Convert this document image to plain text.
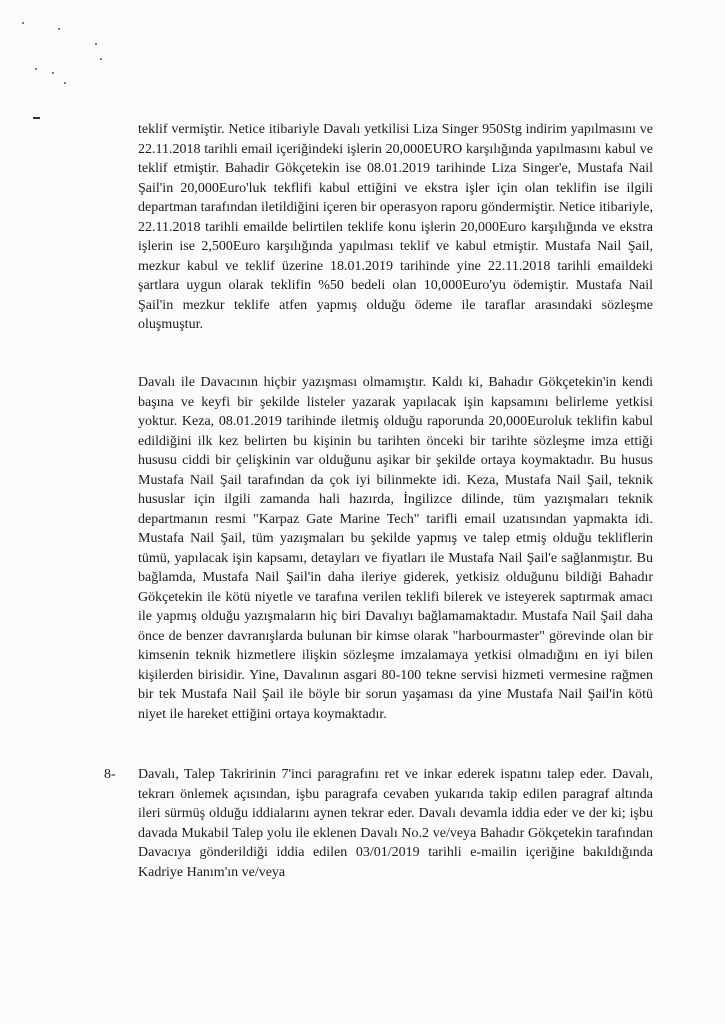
teklif vermiştir. Netice itibariyle Davalı yetkilisi Liza Singer 950Stg indirim yapılmasını ve 22.11.2018 tarihli email içeriğindeki işlerin 20,000EURO karşılığında yapılmasını kabul ve teklif etmiştir. Bahadir Gökçetekin ise 08.01.2019 tarihinde Liza Singer'e, Mustafa Nail Şail'in 20,000Euro'luk tekflifi kabul ettiğini ve ekstra işler için olan teklifin ise ilgili departman tarafından iletildiğini içeren bir operasyon raporu göndermiştir. Netice itibariyle, 22.11.2018 tarihli emailde belirtilen teklife konu işlerin 20,000Euro karşılığında ve ekstra işlerin ise 2,500Euro karşılığında yapılması teklif ve kabul etmiştir. Mustafa Nail Şail, mezkur kabul ve teklif üzerine 18.01.2019 tarihinde yine 22.11.2018 tarihli emaildeki şartlara uygun olarak teklifin %50 bedeli olan 10,000Euro'yu ödemiştir. Mustafa Nail Şail'in mezkur teklife atfen yapmış olduğu ödeme ile taraflar arasındaki sözleşme oluşmuştur.

Davalı ile Davacının hiçbir yazışması olmamıştır. Kaldı ki, Bahadır Gökçetekin'in kendi başına ve keyfi bir şekilde listeler yazarak yapılacak işin kapsamını belirleme yetkisi yoktur. Keza, 08.01.2019 tarihinde iletmiş olduğu raporunda 20,000Euroluk teklifin kabul edildiğini ilk kez belirten bu kişinin bu tarihten önceki bir tarihte sözleşme imza ettiği hususu ciddi bir çelişkinin var olduğunu aşikar bir şekilde ortaya koymaktadır. Bu husus Mustafa Nail Şail tarafından da çok iyi bilinmekte idi. Keza, Mustafa Nail Şail, teknik hususlar için ilgili zamanda hali hazırda, İngilizce dilinde, tüm yazışmaları teknik departmanın resmi "Karpaz Gate Marine Tech" tarifli email uzatısından yapmakta idi. Mustafa Nail Şail, tüm yazışmaları bu şekilde yapmış ve talep etmiş olduğu tekliflerin tümü, yapılacak işin kapsamı, detayları ve fiyatları ile Mustafa Nail Şail'e sağlanmıştır. Bu bağlamda, Mustafa Nail Şail'in daha ileriye giderek, yetkisiz olduğunu bildiği Bahadır Gökçetekin ile kötü niyetle ve tarafına verilen teklifi bilerek ve isteyerek saptırmak amacı ile yapmış olduğu yazışmaların hiç biri Davalıyı bağlamamaktadır. Mustafa Nail Şail daha önce de benzer davranışlarda bulunan bir kimse olarak "harbourmaster" görevinde olan bir kimsenin teknik hizmetlere ilişkin sözleşme imzalamaya yetkisi olmadığını en iyi bilen kişilerden birisidir. Yine, Davalının asgari 80-100 tekne servisi hizmeti vermesine rağmen bir tek Mustafa Nail Şail ile böyle bir sorun yaşaması da yine Mustafa Nail Şail'in kötü niyet ile hareket ettiğini ortaya koymaktadır.

8- Davalı, Talep Takririnin 7'inci paragrafını ret ve inkar ederek ispatını talep eder. Davalı, tekrarı önlemek açısından, işbu paragrafa cevaben yukarıda takip edilen paragraf altında ileri sürmüş olduğu iddialarını aynen tekrar eder. Davalı devamla iddia eder ve der ki; işbu davada Mukabil Talep yolu ile eklenen Davalı No.2 ve/veya Bahadır Gökçetekin tarafından Davacıya gönderildiği iddia edilen 03/01/2019 tarihli e-mailin içeriğine bakıldığında Kadriye Hanım'ın ve/veya
